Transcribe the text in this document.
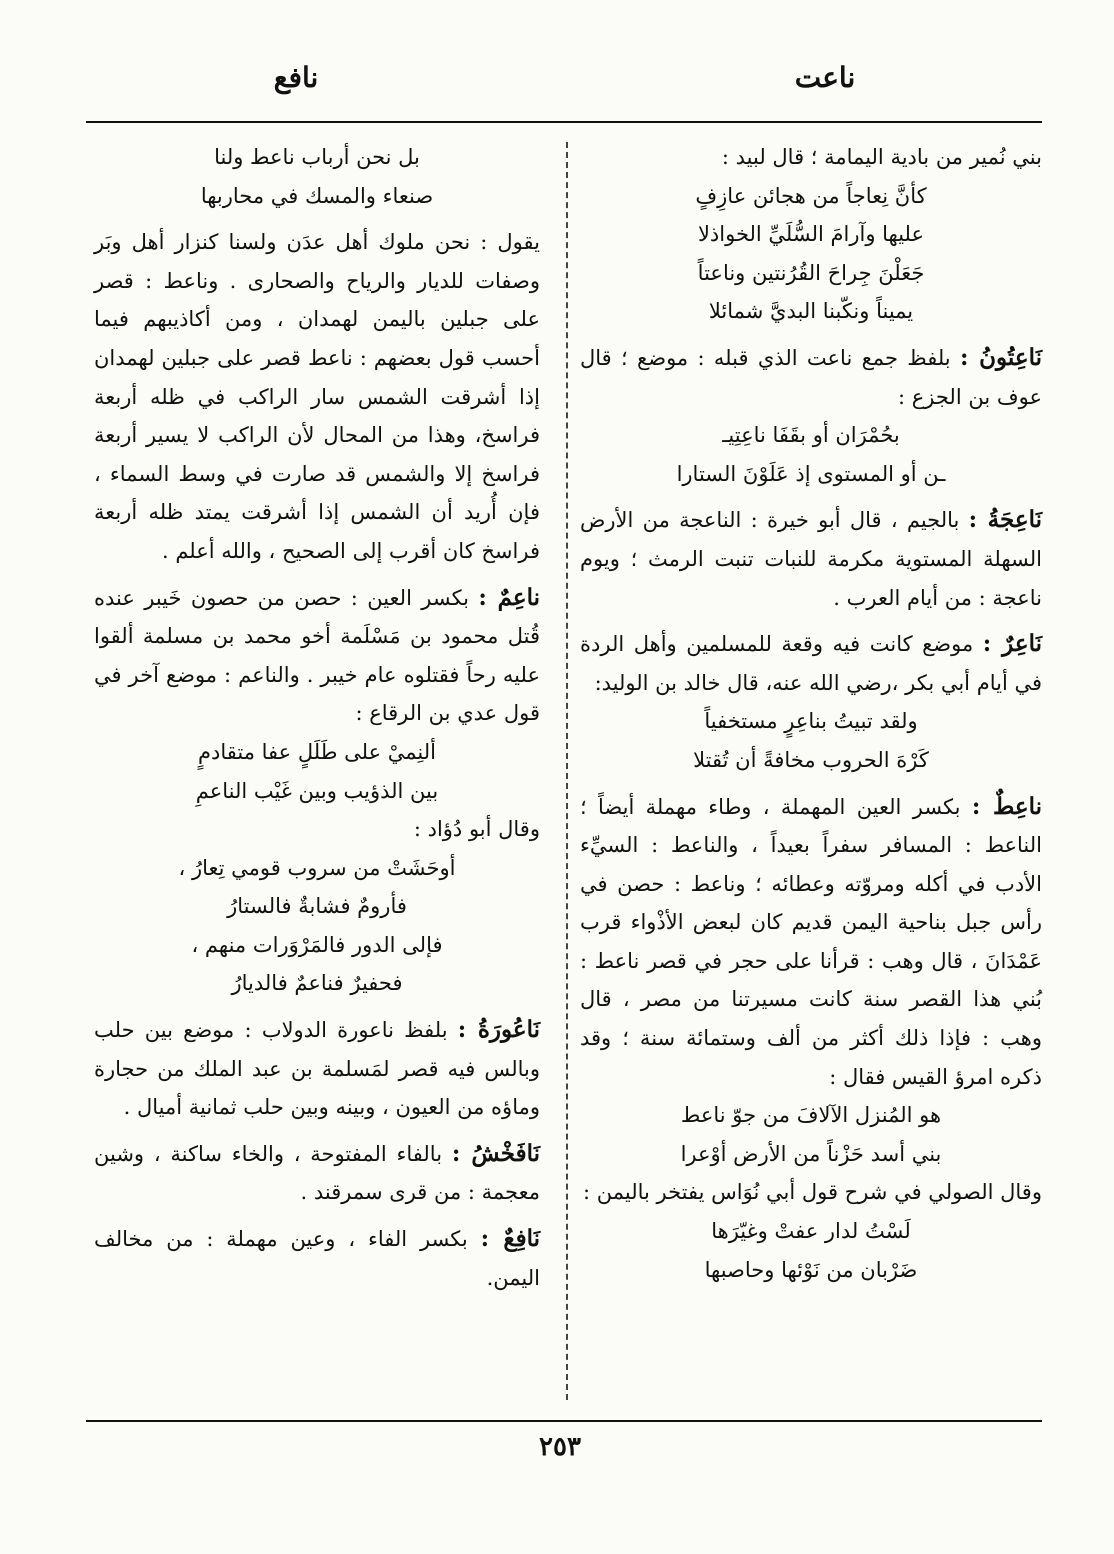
ناعت
نافع

بني نُمير من بادية اليمامة ؛ قال لبيد :

كأنَّ نِعاجاً من هجائن عازِفٍ
عليها وآرامَ السُّلَيِّ الخواذلا
جَعَلْنَ جِراحَ القُرُنتين وناعتاً
يميناً ونكّبنا البديَّ شمائلا

نَاعِتُونُ : بلفظ جمع ناعت الذي قبله : موضع ؛ قال عوف بن الجزع :

بحُمْرَان أو بقَفَا ناعِتِيـ
ـن أو المستوى إذ عَلَوْنَ الستارا

نَاعِجَةُ : بالجيم ، قال أبو خيرة : الناعجة من الأرض السهلة المستوية مكرمة للنبات تنبت الرمث ؛ ويوم ناعجة : من أيام العرب .

نَاعِرٌ : موضع كانت فيه وقعة للمسلمين وأهل الردة في أيام أبي بكر ،رضي الله عنه، قال خالد بن الوليد:

ولقد تبيتُ بناعِرٍ مستخفياً
كَرْهَ الحروب مخافةً أن تُقتلا

ناعِطٌ : بكسر العين المهملة ، وطاء مهملة أيضاً ؛ الناعط : المسافر سفراً بعيداً ، والناعط : السيِّء الأدب في أكله ومروّته وعطائه ؛ وناعط : حصن في رأس جبل بناحية اليمن قديم كان لبعض الأذْواء قرب عَمْدَانَ ، قال وهب : قرأنا على حجر في قصر ناعط : بُني هذا القصر سنة كانت مسيرتنا من مصر ، قال وهب : فإذا ذلك أكثر من ألف وستمائة سنة ؛ وقد ذكره امرؤ القيس فقال :

هو المُنزل الآلافَ من جوّ ناعط
بني أسد حَزْناً من الأرض أوْعرا

وقال الصولي في شرح قول أبي نُوَاس يفتخر باليمن :

لَسْتُ لدار عفتْ وغيّرَها
ضَرْبان من نَوْئها وحاصبها
بل نحن أرباب ناعط ولنا
صنعاء والمسك في محاربها

يقول : نحن ملوك أهل عدَن ولسنا كنزار أهل وبَر وصفات للديار والرياح والصحارى . وناعط : قصر على جبلين باليمن لهمدان ، ومن أكاذيبهم فيما أحسب قول بعضهم : ناعط قصر على جبلين لهمدان إذا أشرقت الشمس سار الراكب في ظله أربعة فراسخ، وهذا من المحال لأن الراكب لا يسير أربعة فراسخ إلا والشمس قد صارت في وسط السماء ، فإن أُريد أن الشمس إذا أشرقت يمتد ظله أربعة فراسخ كان أقرب إلى الصحيح ، والله أعلم .

ناعِمٌ : بكسر العين : حصن من حصون خَيبر عنده قُتل محمود بن مَسْلَمة أخو محمد بن مسلمة ألقوا عليه رحاً فقتلوه عام خيبر . والناعم : موضع آخر في قول عدي بن الرقاع :

ألنِميْ على طَلَلٍ عفا متقادمٍ
بين الذؤيب وبين غَيْب الناعمِ

وقال أبو دُؤاد :

أوحَشَتْ من سروب قومي تِعارُ ،
فأرومٌ فشابةٌ فالستارُ
فإلى الدور فالمَرْوَرات منهم ،
فحفيرٌ فناعمٌ فالديارُ

نَاعُورَةُ : بلفظ ناعورة الدولاب : موضع بين حلب وبالس فيه قصر لمَسلمة بن عبد الملك من حجارة وماؤه من العيون ، وبينه وبين حلب ثمانية أميال .

نَافَخْشُ : بالفاء المفتوحة ، والخاء ساكنة ، وشين معجمة : من قرى سمرقند .

نَافِعٌ : بكسر الفاء ، وعين مهملة : من مخالف اليمن.

٢٥٣
